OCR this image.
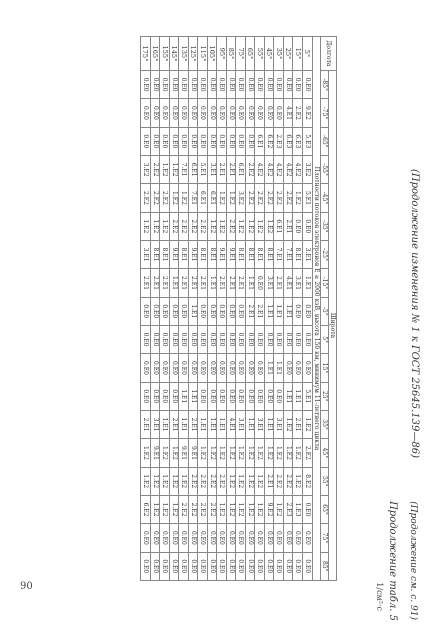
90
(Продолжение изменения № 1 к ГОСТ 25645.139—86)
Продолжение табл. 5
1/см²·с
Долгота	Широта																	
	-85°	-75°	-65°	-55°	-45°	-35°	-25°	-15°	-5°	5°	15°	25°	35°	45°	55°	65°	75°	85°
Плотности потоков электронов E ≥ 2000 кэВ, высота 150 км, минимум 11-летнего цикла																		
5°	0.E0	9.E2	5.E3	3.E2	5.E1	0.E0	3.E1	1.E1	0.E0	0.E0	0.E0	5.E1	1.E2	2.E2	8.E2	0.E0	0.E0	0.E0
15°	0.E0	2.E2	6.E3	4.E2	1.E2	0.E0	8.E1	3.E1	0.E0	0.E0	0.E0	1.E1	2.E1	1.E2	1.E2	1.E3	0.E0	0.E0
25°	0.E0	4.E1	6.E3	4.E2	2.E2	2.E1	7.E1	4.E1	1.E1	0.E0	0.E0	1.E1	1.E2	1.E2	2.E2	2.E3	0.E0	0.E0
35°	0.E0	0.E0	2.E3	4.E2	2.E2	6.E1	7.E1	2.E1	1.E1	0.E0	1.E1	0.E0	3.E1	1.E2	2.E2	1.E2	0.E0	0.E0
45°	0.E0	0.E0	6.E2	4.E2	2.E2	1.E2	8.E1	3.E1	1.E1	0.E0	1.E1	0.E0	1.E1	1.E2	2.E1	9.E2	0.E0	0.E0
55°	0.E0	0.E0	6.E1	4.E2	2.E2	1.E2	8.E1	0.E0	2.E1	0.E0	0.E0	0.E0	3.E1	1.E2	1.E2	1.E2	0.E0	0.E0
65°	0.E0	0.E0	0.E0	2.E2	2.E2	1.E2	8.E1	1.E1	2.E1	0.E0	0.E0	0.E0	1.E1	1.E2	1.E2	1.E2	0.E0	0.E0
75°	0.E0	0.E0	0.E0	6.E1	3.E2	1.E2	8.E1	2.E1	0.E0	0.E0	0.E0	0.E0	3.E1	1.E2	1.E2	1.E2	0.E0	0.E0
85°	0.E0	0.E0	0.E0	2.E1	1.E2	2.E2	9.E1	2.E1	0.E0	0.E0	0.E0	0.E0	4.E1	1.E2	1.E2	1.E2	0.E0	0.E0
95°	0.E0	0.E0	0.E0	2.E1	1.E2	1.E2	9.E1	2.E1	0.E0	0.E0	0.E0	0.E0	1.E1	1.E2	2.E2	1.E2	0.E0	0.E0
105°	0.E0	0.E0	0.E0	3.E1	6.E1	1.E2	8.E1	1.E1	0.E0	0.E0	0.E0	0.E0	1.E1	1.E2	2.E2	2.E2	0.E0	0.E0
115°	0.E0	0.E0	0.E0	5.E1	6.E1	2.E2	8.E1	2.E1	0.E0	0.E0	0.E0	0.E0	1.E1	1.E2	2.E2	2.E2	0.E0	0.E0
125°	0.E0	0.E0	0.E0	6.E1	7.E1	2.E2	9.E1	2.E1	1.E1	0.E0	0.E0	1.E1	2.E1	9.E1	2.E2	2.E2	0.E0	0.E0
135°	0.E0	0.E0	0.E0	7.E1	1.E2	2.E2	8.E1	2.E1	0.E0	0.E0	0.E0	1.E1	1.E1	9.E1	1.E2	2.E2	0.E0	0.E0
145°	0.E0	0.E0	0.E0	1.E2	1.E2	2.E2	9.E1	1.E1	0.E0	0.E0	0.E0	0.E0	2.E1	1.E2	1.E2	1.E2	0.E0	0.E0
155°	0.E0	0.E0	0.E0	1.E2	2.E2	1.E2	8.E1	2.E1	0.E0	0.E0	0.E0	0.E0	1.E1	1.E2	1.E2	1.E2	0.E0	0.E0
165°	0.E0	0.E0	0.E0	2.E2	2.E2	1.E2	8.E1	2.E1	0.E0	0.E0	0.E0	0.E0	3.E1	9.E1	1.E2	1.E2	0.E0	0.E0
175°	0.E0	0.E0	0.E0	3.E2	2.E2	1.E2	3.E1	2.E1	0.E0	0.E0	0.E0	0.E0	2.E1	1.E2	1.E2	6.E2	0.E0	0.E0	(Продолжение см. с. 91)
